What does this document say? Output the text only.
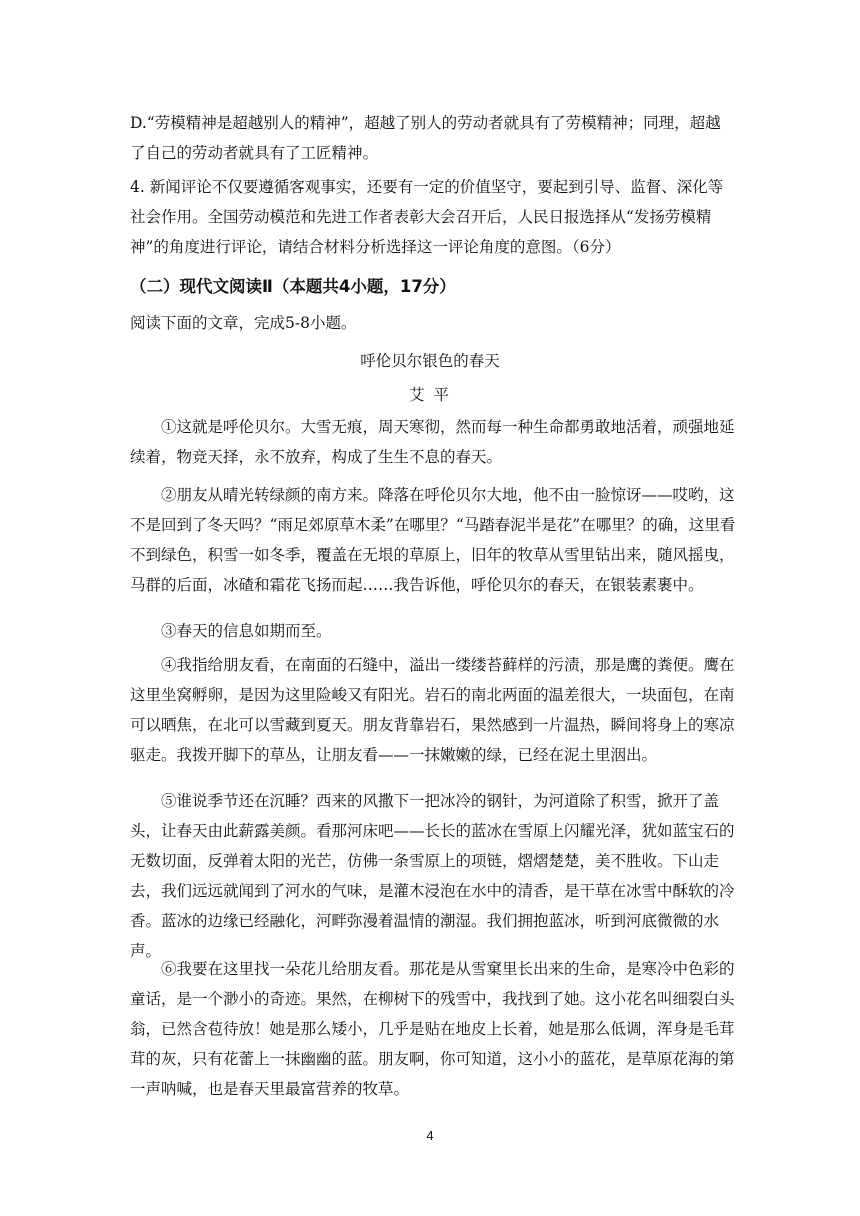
D.“劳模精神是超越别人的精神”，超越了别人的劳动者就具有了劳模精神；同理，超越了自己的劳动者就具有了工匠精神。

4. 新闻评论不仅要遵循客观事实，还要有一定的价值坚守，要起到引导、监督、深化等社会作用。全国劳动模范和先进工作者表彰大会召开后，人民日报选择从“发扬劳模精神”的角度进行评论，请结合材料分析选择这一评论角度的意图。（6分）

（二）现代文阅读Ⅱ（本题共4小题，17分）

阅读下面的文章，完成5-8小题。

呼伦贝尔银色的春天

艾 平

①这就是呼伦贝尔。大雪无痕，周天寒彻，然而每一种生命都勇敢地活着，顽强地延续着，物竞天择，永不放弃，构成了生生不息的春天。

②朋友从晴光转绿颜的南方来。降落在呼伦贝尔大地，他不由一脸惊讶——哎哟，这不是回到了冬天吗？“雨足郊原草木柔”在哪里？“马踏春泥半是花”在哪里？的确，这里看不到绿色，积雪一如冬季，覆盖在无垠的草原上，旧年的牧草从雪里钻出来，随风摇曳，马群的后面，冰碴和霜花飞扬而起……我告诉他，呼伦贝尔的春天，在银装素裹中。

③春天的信息如期而至。

④我指给朋友看，在南面的石缝中，溢出一缕缕苔藓样的污渍，那是鹰的粪便。鹰在这里坐窝孵卵，是因为这里险峻又有阳光。岩石的南北两面的温差很大，一块面包，在南可以晒焦，在北可以雪藏到夏天。朋友背靠岩石，果然感到一片温热，瞬间将身上的寒凉驱走。我拨开脚下的草丛，让朋友看——一抹嫩嫩的绿，已经在泥土里洇出。

⑤谁说季节还在沉睡？西来的风撒下一把冰冷的钢针，为河道除了积雪，掀开了盖头，让春天由此薪露美颜。看那河床吧——长长的蓝冰在雪原上闪耀光泽，犹如蓝宝石的无数切面，反弹着太阳的光芒，仿佛一条雪原上的项链，熠熠楚楚，美不胜收。下山走去，我们远远就闻到了河水的气味，是灌木浸泡在水中的清香，是干草在冰雪中酥软的冷香。蓝冰的边缘已经融化，河畔弥漫着温情的潮湿。我们拥抱蓝冰，听到河底微微的水声。

⑥我要在这里找一朵花儿给朋友看。那花是从雪窠里长出来的生命，是寒冷中色彩的童话，是一个渺小的奇迹。果然，在柳树下的残雪中，我找到了她。这小花名叫细裂白头翁，已然含苞待放！她是那么矮小，几乎是贴在地皮上长着，她是那么低调，浑身是毛茸茸的灰，只有花蕾上一抹幽幽的蓝。朋友啊，你可知道，这小小的蓝花，是草原花海的第一声呐喊，也是春天里最富营养的牧草。

4
